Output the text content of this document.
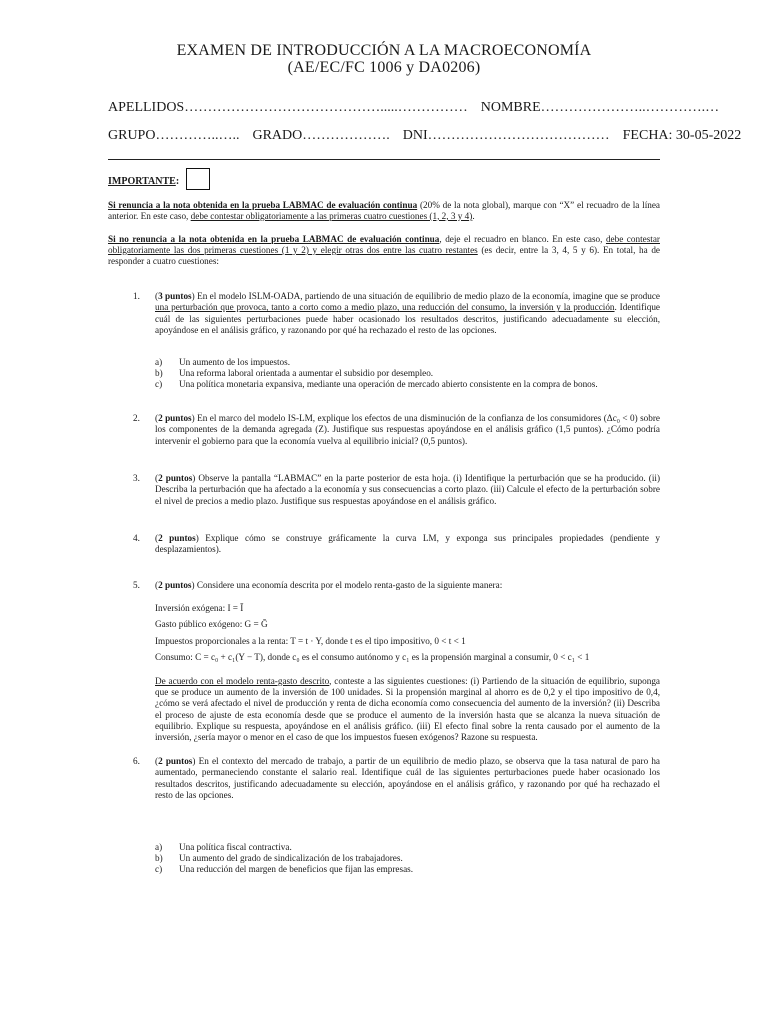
EXAMEN DE INTRODUCCIÓN A LA MACROECONOMÍA
(AE/EC/FC 1006 y DA0206)
APELLIDOS…………………………………….....…………… NOMBRE…………………..………….…
GRUPO…………..….. GRADO………………. DNI………………………………… FECHA: 30-05-2022
IMPORTANTE:
Si renuncia a la nota obtenida en la prueba LABMAC de evaluación continua (20% de la nota global), marque con “X” el recuadro de la línea anterior. En este caso, debe contestar obligatoriamente a las primeras cuatro cuestiones (1, 2, 3 y 4).
Si no renuncia a la nota obtenida en la prueba LABMAC de evaluación continua, deje el recuadro en blanco. En este caso, debe contestar obligatoriamente las dos primeras cuestiones (1 y 2) y elegir otras dos entre las cuatro restantes (es decir, entre la 3, 4, 5 y 6). En total, ha de responder a cuatro cuestiones:
1. (3 puntos) En el modelo ISLM-OADA, partiendo de una situación de equilibrio de medio plazo de la economía, imagine que se produce una perturbación que provoca, tanto a corto como a medio plazo, una reducción del consumo, la inversión y la producción. Identifique cuál de las siguientes perturbaciones puede haber ocasionado los resultados descritos, justificando adecuadamente su elección, apoyándose en el análisis gráfico, y razonando por qué ha rechazado el resto de las opciones.
a) Un aumento de los impuestos.
b) Una reforma laboral orientada a aumentar el subsidio por desempleo.
c) Una política monetaria expansiva, mediante una operación de mercado abierto consistente en la compra de bonos.
2. (2 puntos) En el marco del modelo IS-LM, explique los efectos de una disminución de la confianza de los consumidores (Δc₀ < 0) sobre los componentes de la demanda agregada (Z). Justifique sus respuestas apoyándose en el análisis gráfico (1,5 puntos). ¿Cómo podría intervenir el gobierno para que la economía vuelva al equilibrio inicial? (0,5 puntos).
3. (2 puntos) Observe la pantalla “LABMAC” en la parte posterior de esta hoja. (i) Identifique la perturbación que se ha producido. (ii) Describa la perturbación que ha afectado a la economía y sus consecuencias a corto plazo. (iii) Calcule el efecto de la perturbación sobre el nivel de precios a medio plazo. Justifique sus respuestas apoyándose en el análisis gráfico.
4. (2 puntos) Explique cómo se construye gráficamente la curva LM, y exponga sus principales propiedades (pendiente y desplazamientos).
5. (2 puntos) Considere una economía descrita por el modelo renta-gasto de la siguiente manera:
Inversión exógena: I = Ī
Gasto público exógeno: G = Ḡ
Impuestos proporcionales a la renta: T = t · Y, donde t es el tipo impositivo, 0 < t < 1
Consumo: C = c₀ + c₁(Y − T), donde c₀ es el consumo autónomo y c₁ es la propensión marginal a consumir, 0 < c₁ < 1
De acuerdo con el modelo renta-gasto descrito, conteste a las siguientes cuestiones: (i) Partiendo de la situación de equilibrio, suponga que se produce un aumento de la inversión de 100 unidades. Si la propensión marginal al ahorro es de 0,2 y el tipo impositivo de 0,4, ¿cómo se verá afectado el nivel de producción y renta de dicha economía como consecuencia del aumento de la inversión? (ii) Describa el proceso de ajuste de esta economía desde que se produce el aumento de la inversión hasta que se alcanza la nueva situación de equilibrio. Explique su respuesta, apoyándose en el análisis gráfico. (iii) El efecto final sobre la renta causado por el aumento de la inversión, ¿sería mayor o menor en el caso de que los impuestos fuesen exógenos? Razone su respuesta.
6. (2 puntos) En el contexto del mercado de trabajo, a partir de un equilibrio de medio plazo, se observa que la tasa natural de paro ha aumentado, permaneciendo constante el salario real. Identifique cuál de las siguientes perturbaciones puede haber ocasionado los resultados descritos, justificando adecuadamente su elección, apoyándose en el análisis gráfico, y razonando por qué ha rechazado el resto de las opciones.
a) Una política fiscal contractiva.
b) Un aumento del grado de sindicalización de los trabajadores.
c) Una reducción del margen de beneficios que fijan las empresas.
